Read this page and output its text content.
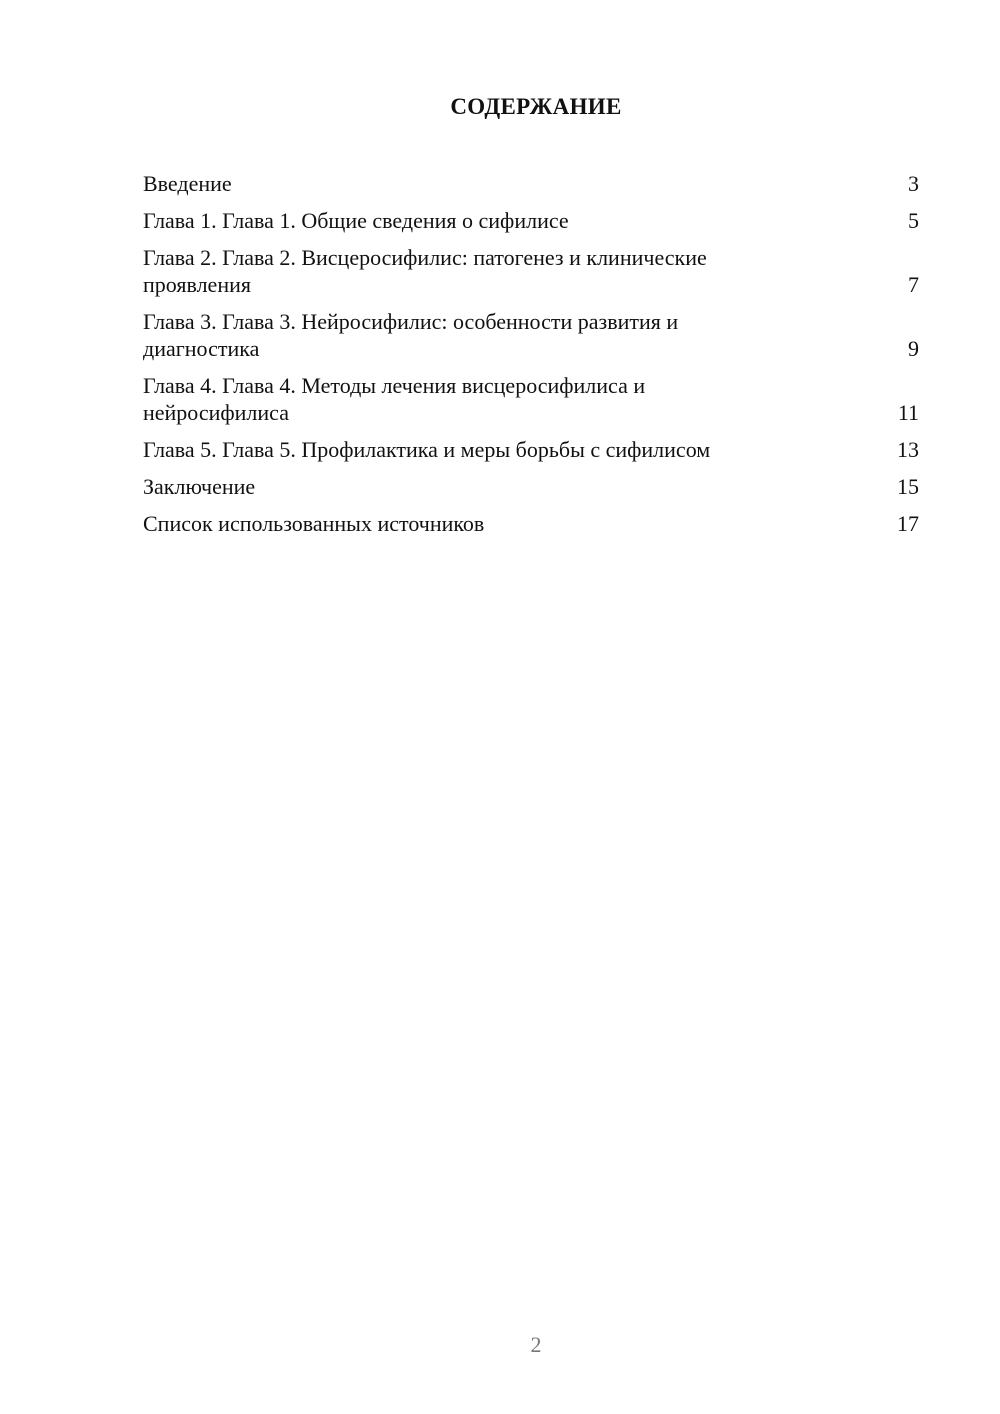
СОДЕРЖАНИЕ
Введение	3
Глава 1. Глава 1. Общие сведения о сифилисе	5
Глава 2. Глава 2. Висцеросифилис: патогенез и клинические проявления	7
Глава 3. Глава 3. Нейросифилис: особенности развития и диагностика	9
Глава 4. Глава 4. Методы лечения висцеросифилиса и нейросифилиса	11
Глава 5. Глава 5. Профилактика и меры борьбы с сифилисом	13
Заключение	15
Список использованных источников	17
2
